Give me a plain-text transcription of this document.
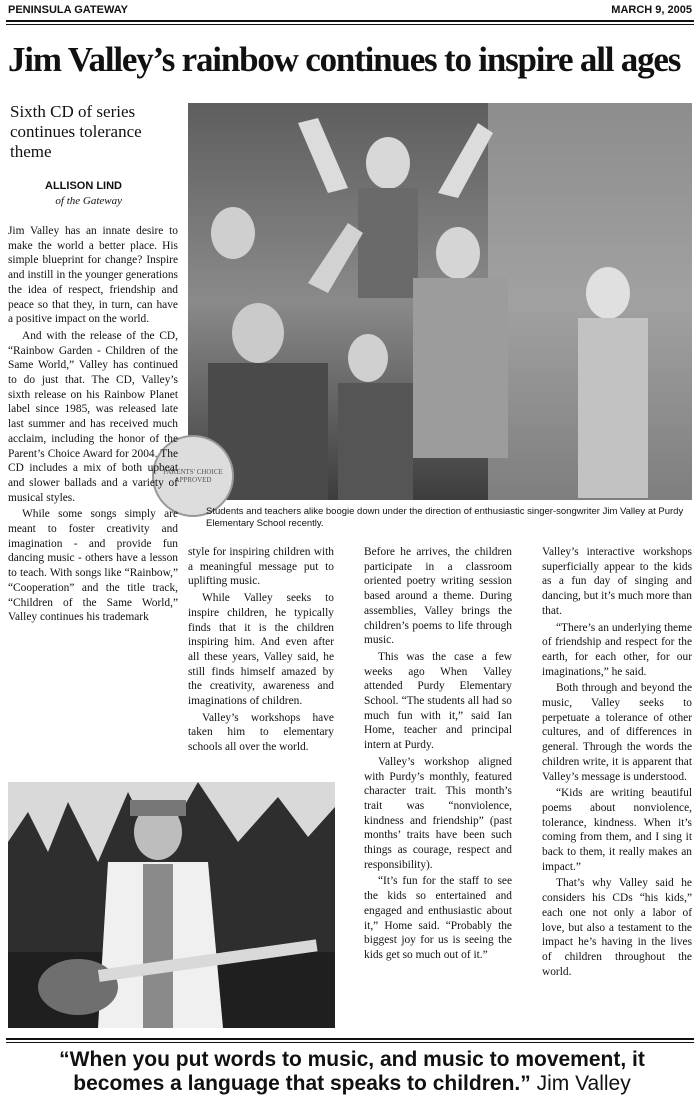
PENINSULA GATEWAY	MARCH 9, 2005
Jim Valley’s rainbow continues to inspire all ages
Sixth CD of series continues tolerance theme
ALLISON LIND
of the Gateway
PARENTS' CHOICE APPROVED
Students and teachers alike boogie down under the direction of enthusiastic singer-songwriter Jim Valley at Purdy Elementary School recently.

Jim Valley has an innate desire to make the world a better place. His simple blueprint for change? Inspire and instill in the younger generations the idea of respect, friendship and peace so that they, in turn, can have a positive impact on the world.

And with the release of the CD, “Rainbow Garden - Children of the Same World,” Valley has continued to do just that. The CD, Valley’s sixth release on his Rainbow Planet label since 1985, was released late last summer and has received much acclaim, including the honor of the Parent’s Choice Award for 2004. The CD includes a mix of both upbeat and slower ballads and a variety of musical styles.

While some songs simply are meant to foster creativity and imagination - and provide fun dancing music - others have a lesson to teach. With songs like “Rainbow,” “Cooperation” and the title track, “Children of the Same World,” Valley continues his trademark

style for inspiring children with a meaningful message put to uplifting music.

While Valley seeks to inspire children, he typically finds that it is the children inspiring him. And even after all these years, Valley said, he still finds himself amazed by the creativity, awareness and imaginations of children.

Valley’s workshops have taken him to elementary schools all over the world.

Before he arrives, the children participate in a classroom oriented poetry writing session based around a theme. During assemblies, Valley brings the children’s poems to life through music.

This was the case a few weeks ago When Valley attended Purdy Elementary School. “The students all had so much fun with it,” said Ian Home, teacher and principal intern at Purdy.

Valley’s workshop aligned with Purdy’s monthly, featured character trait. This month’s trait was “nonviolence, kindness and friendship” (past months’ traits have been such things as courage, respect and responsibility).

“It’s fun for the staff to see the kids so entertained and engaged and enthusiastic about it,” Home said. “Probably the biggest joy for us is seeing the kids get so much out of it.”

Valley’s interactive workshops superficially appear to the kids as a fun day of singing and dancing, but it’s much more than that.

“There’s an underlying theme of friendship and respect for the earth, for each other, for our imaginations,” he said.

Both through and beyond the music, Valley seeks to perpetuate a tolerance of other cultures, and of differences in general. Through the words the children write, it is apparent that Valley’s message is understood.

“Kids are writing beautiful poems about nonviolence, tolerance, kindness. When it’s coming from them, and I sing it back to them, it really makes an impact.”

That’s why Valley said he considers his CDs “his kids,” each one not only a labor of love, but also a testament to the impact he’s having in the lives of children throughout the world.

“When you put words to music, and music to movement, it becomes a language that speaks to children.” Jim Valley
